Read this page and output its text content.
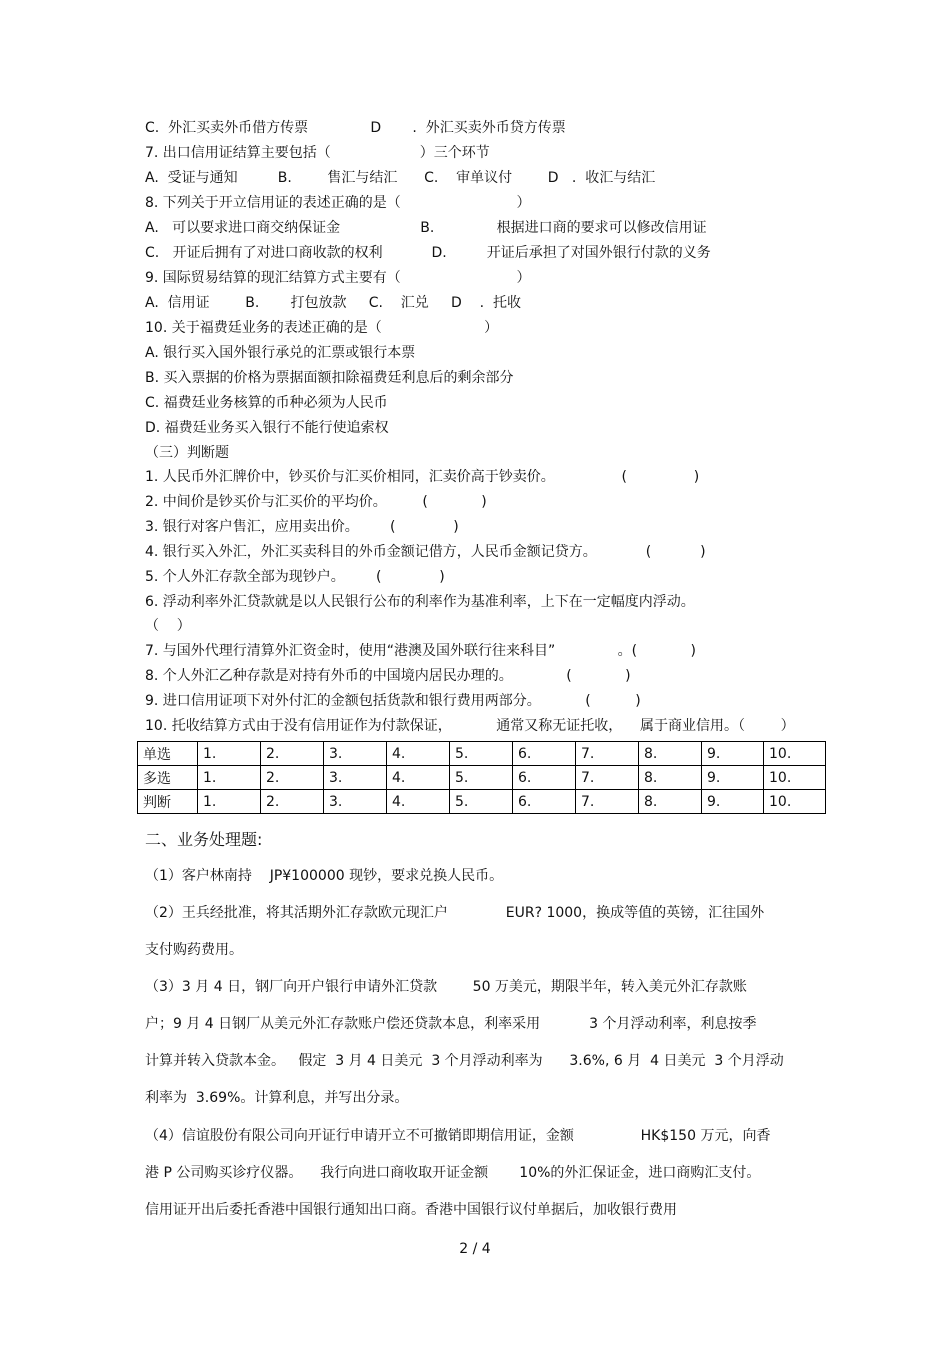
C.  外汇买卖外币借方传票              D       .  外汇买卖外币贷方传票
7. 出口信用证结算主要包括（                    ）三个环节
A.  受证与通知         B.        售汇与结汇      C.    审单议付        D   .  收汇与结汇
8. 下列关于开立信用证的表述正确的是（                          ）
A.   可以要求进口商交纳保证金                  B.              根据进口商的要求可以修改信用证
C.   开证后拥有了对进口商收款的权利           D.         开证后承担了对国外银行付款的义务
9. 国际贸易结算的现汇结算方式主要有（                          ）
A.  信用证        B.       打包放款     C.    汇兑     D    .  托收
10. 关于福费廷业务的表述正确的是（                       ）
A. 银行买入国外银行承兑的汇票或银行本票
B. 买入票据的价格为票据面额扣除福费廷利息后的剩余部分
C. 福费廷业务核算的币种必须为人民币
D. 福费廷业务买入银行不能行使追索权
（三）判断题
1. 人民币外汇牌价中，钞买价与汇买价相同，汇卖价高于钞卖价。               (               )
2. 中间价是钞买价与汇买价的平均价。        (            )
3. 银行对客户售汇，应用卖出价。       (             )
4. 银行买入外汇，外汇买卖科目的外币金额记借方，人民币金额记贷方。           (           )
5. 个人外汇存款全部为现钞户。       (             )
6. 浮动利率外汇贷款就是以人民银行公布的利率作为基准利率，上下在一定幅度内浮动。
（    ）
7. 与国外代理行清算外汇资金时，使用“港澳及国外联行往来科目”              。(            )
8. 个人外汇乙种存款是对持有外币的中国境内居民办理的。            (            )
9. 进口信用证项下对外付汇的金额包括货款和银行费用两部分。          (          )
10. 托收结算方式由于没有信用证作为付款保证，          通常又称无证托收，    属于商业信用。（        ）
单选	1.	2.	3.	4.	5.	6.	7.	8.	9.	10.
多选	1.	2.	3.	4.	5.	6.	7.	8.	9.	10.
判断	1.	2.	3.	4.	5.	6.	7.	8.	9.	10.
二、业务处理题:
（1）客户林南持    JP¥100000 现钞，要求兑换人民币。
（2）王兵经批准，将其活期外汇存款欧元现汇户             EUR? 1000，换成等值的英镑，汇往国外
支付购药费用。
（3）3 月 4 日，钢厂向开户银行申请外汇贷款        50 万美元，期限半年，转入美元外汇存款账
户；9 月 4 日钢厂从美元外汇存款账户偿还贷款本息，利率采用           3 个月浮动利率，利息按季
计算并转入贷款本金。   假定  3 月 4 日美元  3 个月浮动利率为      3.6%, 6 月  4 日美元  3 个月浮动
利率为  3.69%。计算利息，并写出分录。
（4）信谊股份有限公司向开证行申请开立不可撤销即期信用证，金额               HK$150 万元，向香
港 P 公司购买诊疗仪器。    我行向进口商收取开证金额       10%的外汇保证金，进口商购汇支付。
信用证开出后委托香港中国银行通知出口商。香港中国银行议付单据后，加收银行费用
2 / 4
